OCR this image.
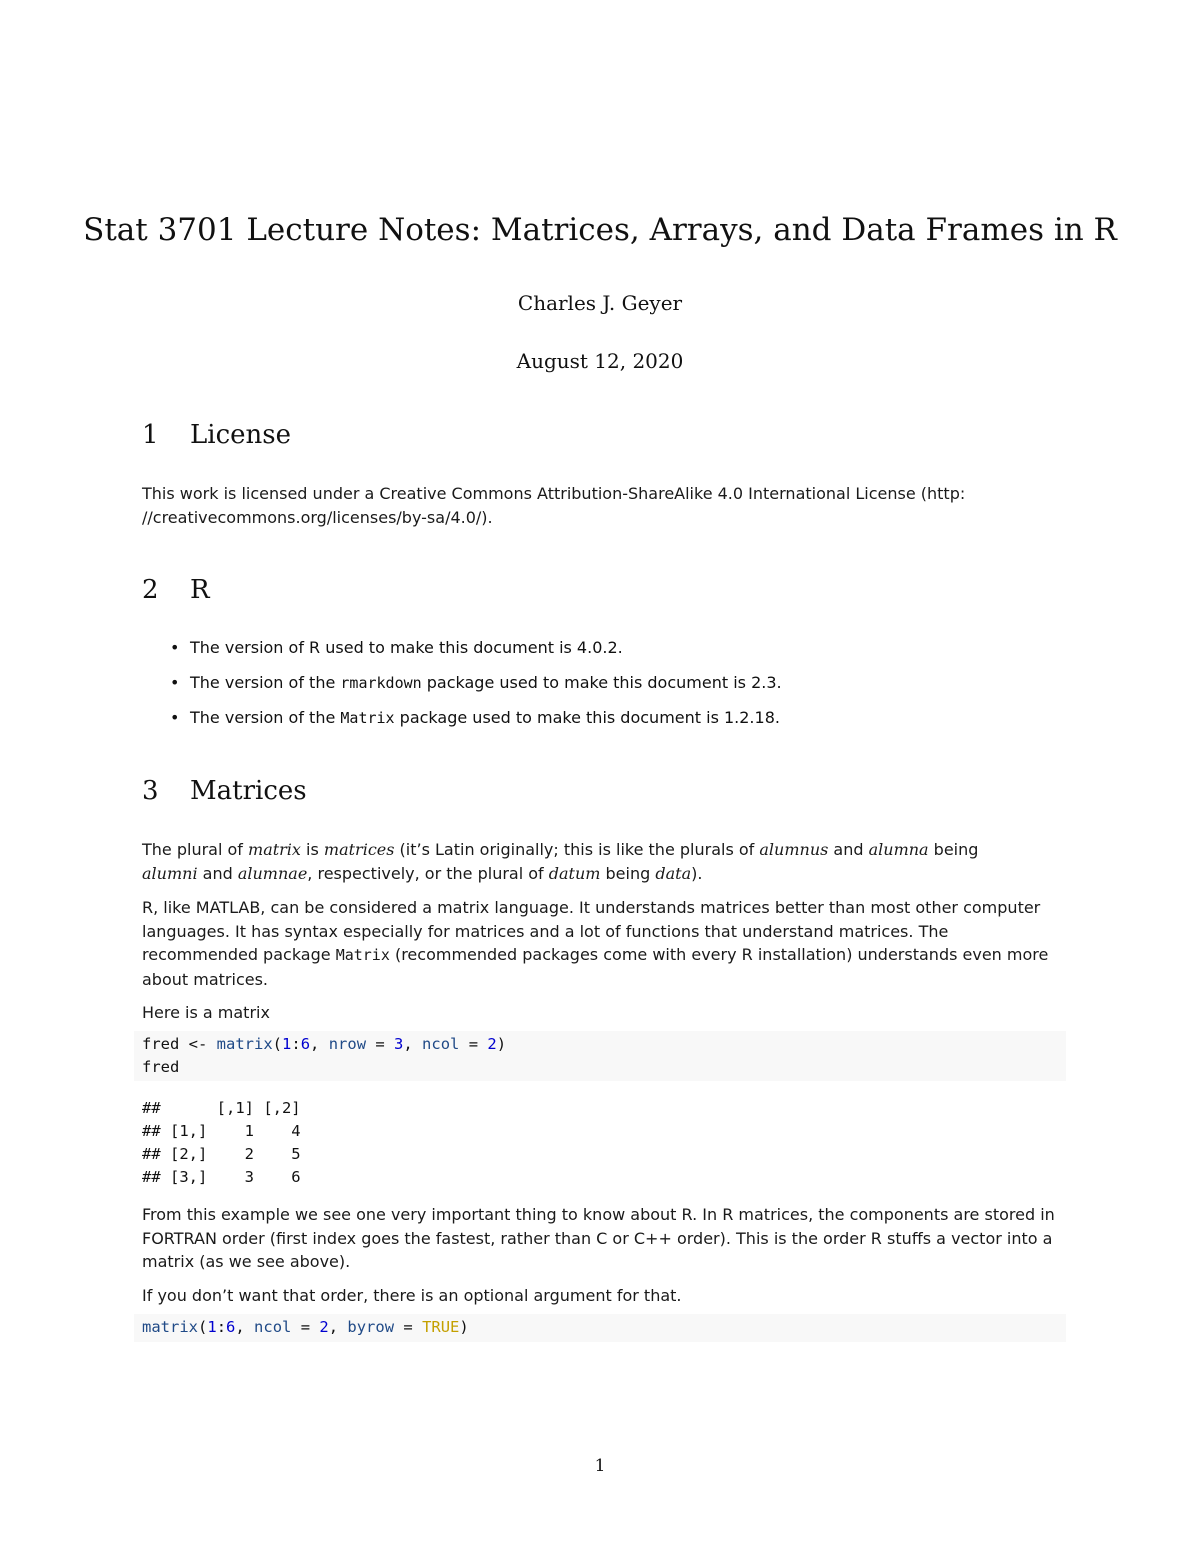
Stat 3701 Lecture Notes: Matrices, Arrays, and Data Frames in R
Charles J. Geyer
August 12, 2020
1 License
This work is licensed under a Creative Commons Attribution-ShareAlike 4.0 International License (http:
//creativecommons.org/licenses/by-sa/4.0/).
2 R
• The version of R used to make this document is 4.0.2.
• The version of the rmarkdown package used to make this document is 2.3.
• The version of the Matrix package used to make this document is 1.2.18.
3 Matrices
The plural of matrix is matrices (it’s Latin originally; this is like the plurals of alumnus and alumna being
alumni and alumnae, respectively, or the plural of datum being data).
R, like MATLAB, can be considered a matrix language. It understands matrices better than most other computer languages. It has syntax especially for matrices and a lot of functions that understand matrices. The recommended package Matrix (recommended packages come with every R installation) understands even more about matrices.
Here is a matrix
fred <- matrix(1:6, nrow = 3, ncol = 2)
fred
##      [,1] [,2]
## [1,]    1    4
## [2,]    2    5
## [3,]    3    6
From this example we see one very important thing to know about R. In R matrices, the components are stored in FORTRAN order (first index goes the fastest, rather than C or C++ order). This is the order R stuffs a vector into a matrix (as we see above).
If you don’t want that order, there is an optional argument for that.
matrix(1:6, ncol = 2, byrow = TRUE)
1
